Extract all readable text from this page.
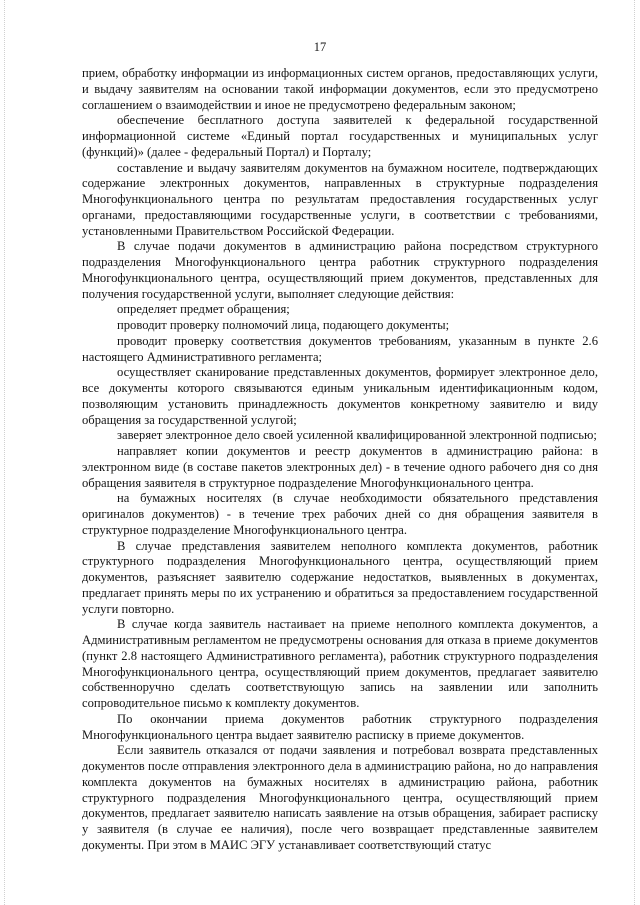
17

прием, обработку информации из информационных систем органов, предоставляющих услуги, и выдачу заявителям на основании такой информации документов, если это предусмотрено соглашением о взаимодействии и иное не предусмотрено федеральным законом;

обеспечение бесплатного доступа заявителей к федеральной государственной информационной системе «Единый портал государственных и муниципальных услуг (функций)» (далее - федеральный Портал) и Порталу;

составление и выдачу заявителям документов на бумажном носителе, подтверждающих содержание электронных документов, направленных в структурные подразделения Многофункционального центра по результатам предоставления государственных услуг органами, предоставляющими государственные услуги, в соответствии с требованиями, установленными Правительством Российской Федерации.

В случае подачи документов в администрацию района посредством структурного подразделения Многофункционального центра работник структурного подразделения Многофункционального центра, осуществляющий прием документов, представленных для получения государственной услуги, выполняет следующие действия:

определяет предмет обращения;

проводит проверку полномочий лица, подающего документы;

проводит проверку соответствия документов требованиям, указанным в пункте 2.6 настоящего Административного регламента;

осуществляет сканирование представленных документов, формирует электронное дело, все документы которого связываются единым уникальным идентификационным кодом, позволяющим установить принадлежность документов конкретному заявителю и виду обращения за государственной услугой;

заверяет электронное дело своей усиленной квалифицированной электронной подписью;

направляет копии документов и реестр документов в администрацию района: в электронном виде (в составе пакетов электронных дел) - в течение одного рабочего дня со дня обращения заявителя в структурное подразделение Многофункционального центра.

на бумажных носителях (в случае необходимости обязательного представления оригиналов документов) - в течение трех рабочих дней со дня обращения заявителя в структурное подразделение Многофункционального центра.

В случае представления заявителем неполного комплекта документов, работник структурного подразделения Многофункционального центра, осуществляющий прием документов, разъясняет заявителю содержание недостатков, выявленных в документах, предлагает принять меры по их устранению и обратиться за предоставлением государственной услуги повторно.

В случае когда заявитель настаивает на приеме неполного комплекта документов, а Административным регламентом не предусмотрены основания для отказа в приеме документов (пункт 2.8 настоящего Административного регламента), работник структурного подразделения Многофункционального центра, осуществляющий прием документов, предлагает заявителю собственноручно сделать соответствующую запись на заявлении или заполнить сопроводительное письмо к комплекту документов.

По окончании приема документов работник структурного подразделения Многофункционального центра выдает заявителю расписку в приеме документов.

Если заявитель отказался от подачи заявления и потребовал возврата представленных документов после отправления электронного дела в администрацию района, но до направления комплекта документов на бумажных носителях в администрацию района, работник структурного подразделения Многофункционального центра, осуществляющий прием документов, предлагает заявителю написать заявление на отзыв обращения, забирает расписку у заявителя (в случае ее наличия), после чего возвращает представленные заявителем документы. При этом в МАИС ЭГУ устанавливает соответствующий статус
